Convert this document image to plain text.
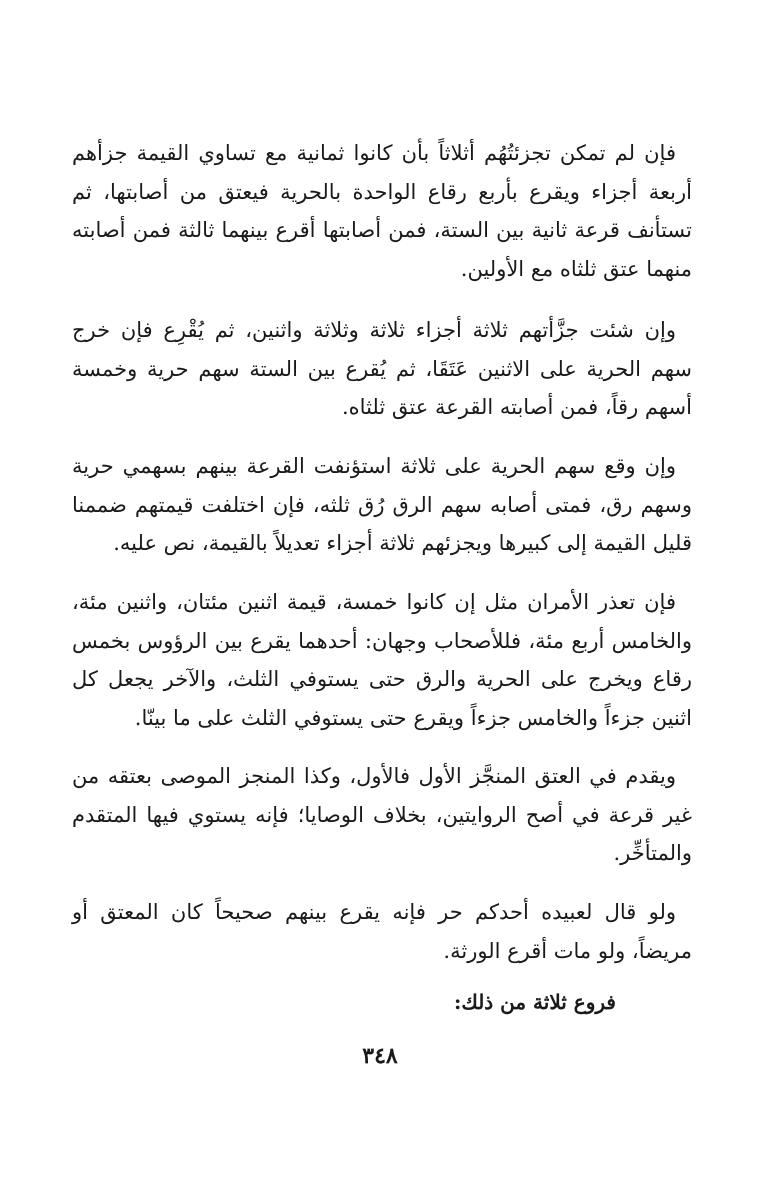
فإن لم تمكن تجزئتُهُم أثلاثاً بأن كانوا ثمانية مع تساوي القيمة جزأهم أربعة أجزاء ويقرع بأربع رقاع الواحدة بالحرية فيعتق من أصابتها، ثم تستأنف قرعة ثانية بين الستة، فمن أصابتها أقرع بينهما ثالثة فمن أصابته منهما عتق ثلثاه مع الأولين.

وإن شئت جزَّأتهم ثلاثة أجزاء ثلاثة وثلاثة واثنين، ثم يُقْرِع فإن خرج سهم الحرية على الاثنين عَتَقَا، ثم يُقرع بين الستة سهم حرية وخمسة أسهم رقاً، فمن أصابته القرعة عتق ثلثاه.

وإن وقع سهم الحرية على ثلاثة استؤنفت القرعة بينهم بسهمي حرية وسهم رق، فمتى أصابه سهم الرق رُق ثلثه، فإن اختلفت قيمتهم ضممنا قليل القيمة إلى كبيرها ويجزئهم ثلاثة أجزاء تعديلاً بالقيمة، نص عليه.

فإن تعذر الأمران مثل إن كانوا خمسة، قيمة اثنين مئتان، واثنين مئة، والخامس أربع مئة، فللأصحاب وجهان: أحدهما يقرع بين الرؤوس بخمس رقاع ويخرج على الحرية والرق حتى يستوفي الثلث، والآخر يجعل كل اثنين جزءاً والخامس جزءاً ويقرع حتى يستوفي الثلث على ما بينّا.

ويقدم في العتق المنجَّز الأول فالأول، وكذا المنجز الموصى بعتقه من غير قرعة في أصح الروايتين، بخلاف الوصايا؛ فإنه يستوي فيها المتقدم والمتأخِّر.

ولو قال لعبيده أحدكم حر فإنه يقرع بينهم صحيحاً كان المعتق أو مريضاً، ولو مات أقرع الورثة.

فروع ثلاثة من ذلك:

٣٤٨
